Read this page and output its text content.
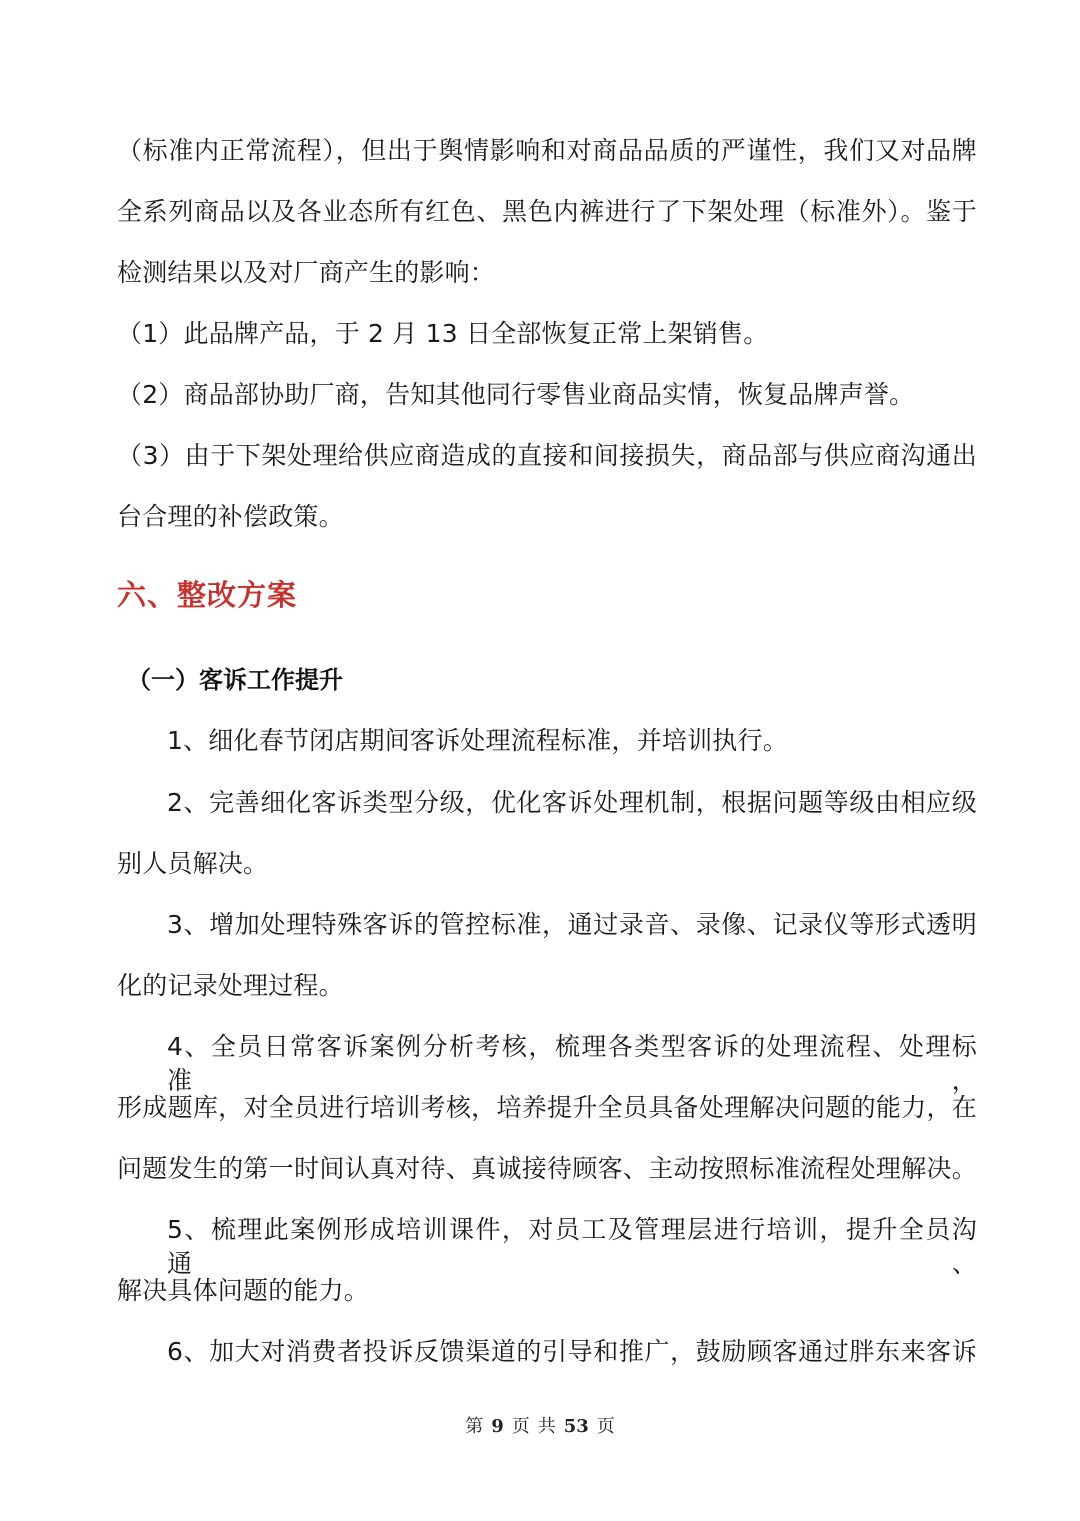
（标准内正常流程），但出于舆情影响和对商品品质的严谨性，我们又对品牌
全系列商品以及各业态所有红色、黑色内裤进行了下架处理（标准外）。鉴于
检测结果以及对厂商产生的影响：
（1）此品牌产品，于 2 月 13 日全部恢复正常上架销售。
（2）商品部协助厂商，告知其他同行零售业商品实情，恢复品牌声誉。
（3）由于下架处理给供应商造成的直接和间接损失，商品部与供应商沟通出
台合理的补偿政策。
六、整改方案
（一）客诉工作提升
1、细化春节闭店期间客诉处理流程标准，并培训执行。
2、完善细化客诉类型分级，优化客诉处理机制，根据问题等级由相应级
别人员解决。
3、增加处理特殊客诉的管控标准，通过录音、录像、记录仪等形式透明
化的记录处理过程。
4、全员日常客诉案例分析考核，梳理各类型客诉的处理流程、处理标准，
形成题库，对全员进行培训考核，培养提升全员具备处理解决问题的能力，在
问题发生的第一时间认真对待、真诚接待顾客、主动按照标准流程处理解决。
5、梳理此案例形成培训课件，对员工及管理层进行培训，提升全员沟通、
解决具体问题的能力。
6、加大对消费者投诉反馈渠道的引导和推广，鼓励顾客通过胖东来客诉
第 9 页 共 53 页
